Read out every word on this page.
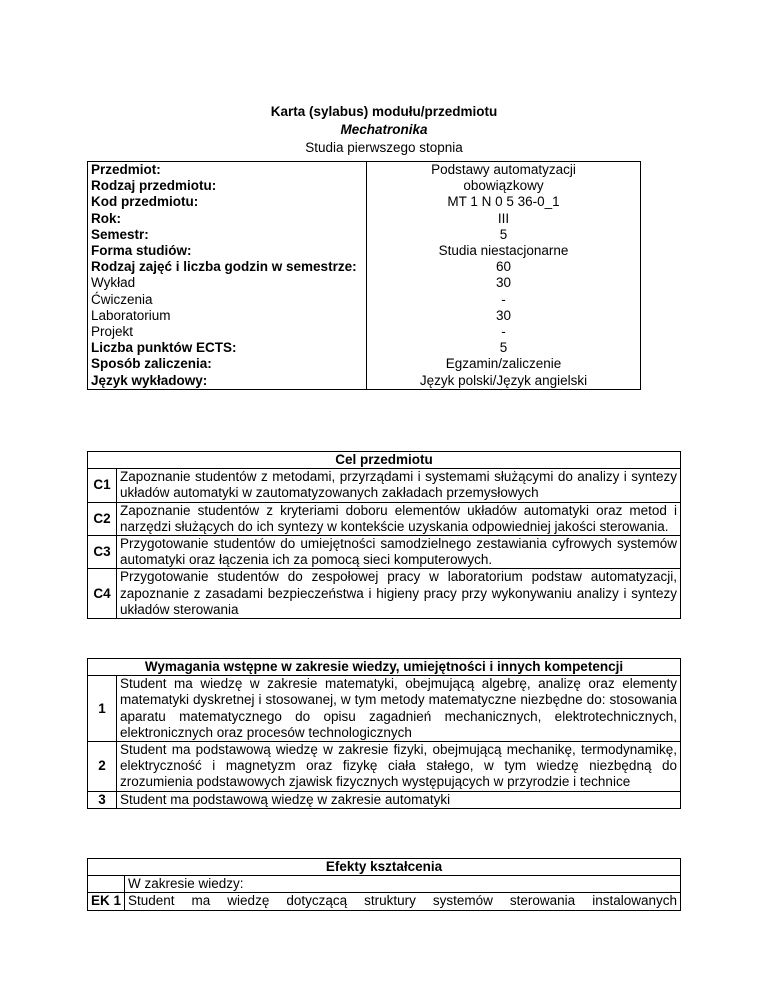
Karta (sylabus) modułu/przedmiotu
Mechatronika
Studia pierwszego stopnia
Przedmiot:	Podstawy automatyzacji
Rodzaj przedmiotu:	obowiązkowy
Kod przedmiotu:	MT 1 N 0 5 36-0_1
Rok:	III
Semestr:	5
Forma studiów:	Studia niestacjonarne
Rodzaj zajęć i liczba godzin w semestrze:	60
Wykład	30
Ćwiczenia	-
Laboratorium	30
Projekt	-
Liczba punktów ECTS:	5
Sposób zaliczenia:	Egzamin/zaliczenie
Język wykładowy:	Język polski/Język angielski
Cel przedmiotu	
C1	Zapoznanie studentów z metodami, przyrządami i systemami służącymi do analizy i syntezy układów automatyki w zautomatyzowanych zakładach przemysłowych
C2	Zapoznanie studentów z kryteriami doboru elementów układów automatyki oraz metod i narzędzi służących do ich syntezy w kontekście uzyskania odpowiedniej jakości sterowania.
C3	Przygotowanie studentów do umiejętności samodzielnego zestawiania cyfrowych systemów automatyki oraz łączenia ich za pomocą sieci komputerowych.
C4	Przygotowanie studentów do zespołowej pracy w laboratorium podstaw automatyzacji, zapoznanie z zasadami bezpieczeństwa i higieny pracy przy wykonywaniu analizy i syntezy układów sterowania
Wymagania wstępne w zakresie wiedzy, umiejętności i innych kompetencji	
1	Student ma wiedzę w zakresie matematyki, obejmującą algebrę, analizę oraz elementy matematyki dyskretnej i stosowanej, w tym metody matematyczne niezbędne do: stosowania aparatu matematycznego do opisu zagadnień mechanicznych, elektrotechnicznych, elektronicznych oraz procesów technologicznych
2	Student ma podstawową wiedzę w zakresie fizyki, obejmującą mechanikę, termodynamikę, elektryczność i magnetyzm oraz fizykę ciała stałego, w tym wiedzę niezbędną do zrozumienia podstawowych zjawisk fizycznych występujących w przyrodzie i technice
3	Student ma podstawową wiedzę w zakresie automatyki
Efekty kształcenia	
	W zakresie wiedzy:
EK 1	Student ma wiedzę dotyczącą struktury systemów sterowania instalowanych
